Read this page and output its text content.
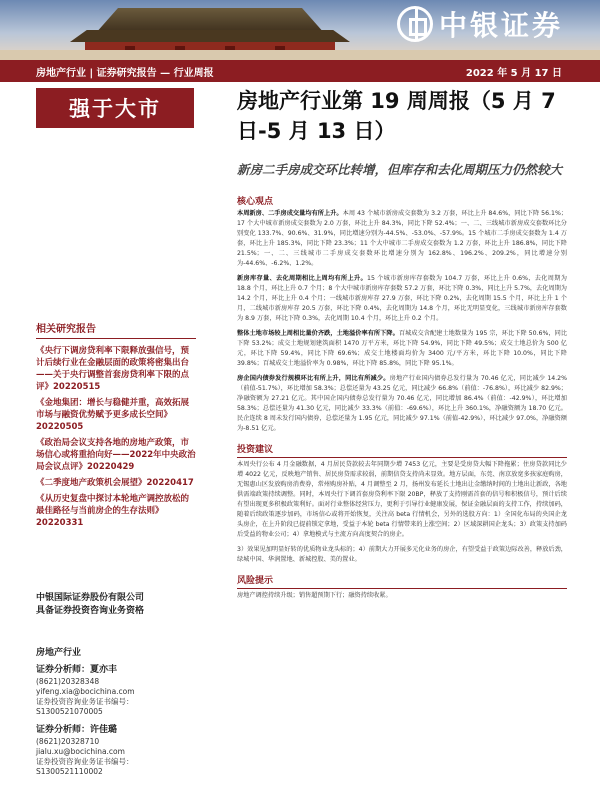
中银证券
房地产行业 | 证券研究报告 — 行业周报	2022 年 5 月 17 日
强于大市	房地产行业第 19 周周报（5 月 7 日-5 月 13 日）
新房二手房成交环比转增，但库存和去化周期压力仍然较大
核心观点
本周新房、二手房成交量均有所上升。本周 43 个城市新房成交套数为 3.2 万套，环比上升 84.6%，同比下降 56.1%；17 个大中城市新房成交套数为 2.0 万套，环比上升 84.3%，同比下降 52.4%；一、二、三线城市新房成交套数环比分别变化 133.7%、90.6%、31.9%，同比增速分别为-44.5%、-53.0%、-57.9%。15 个城市二手房成交套数为 1.4 万套，环比上升 185.3%，同比下降 23.3%；11 个大中城市二手房成交套数为 1.2 万套，环比上升 186.8%，同比下降 21.5%；一、二、三线城市二手房成交套数环比增速分别为 162.8%、196.2%、209.2%，同比增速分别为-44.6%、-6.2%、1.2%。
新房库存量、去化周期相比上周均有所上升。15 个城市新房库存套数为 104.7 万套，环比上升 0.6%，去化周期为 18.8 个月，环比上升 0.7 个月；8 个大中城市新房库存套数 57.2 万套，环比下降 0.3%，同比上升 5.7%，去化周期为 14.2 个月，环比上升 0.4 个月；一线城市新房库存 27.9 万套，环比下降 0.2%，去化周期 15.5 个月，环比上升 1 个月，二线城市新房库存 20.5 万套，环比下降 0.4%，去化周期为 14.8 个月，环比无明显变化，三线城市新房库存套数为 8.9 万套，环比下降 0.3%，去化周期 10.4 个月，环比上升 0.2 个月。
整体土地市场较上周相比量价齐跌，土地溢价率有所下降。百城成交含配建土地数量为 195 宗，环比下降 50.6%，同比下降 53.2%；成交土地规划建筑面积 1470 万平方米，环比下降 54.9%，同比下降 49.5%；成交土地总价为 500 亿元，环比下降 59.4%，同比下降 69.6%；成交土地楼面均价为 3400 元/平方米，环比下降 10.0%，同比下降 39.8%；百城成交土地溢价率为 0.98%，环比下降 85.8%，同比下降 95.1%。
房企国内债券发行规模环比有所上升，同比有所减少。房地产行业国内债券总发行量为 70.46 亿元，同比减少 14.2%（前值-51.7%），环比增加 58.3%；总偿还量为 43.25 亿元，同比减少 66.8%（前值：-76.8%），环比减少 82.9%；净融资额为 27.21 亿元。其中国企国内债券总发行量为 70.46 亿元，同比增加 86.4%（前值：-42.9%），环比增加 58.3%；总偿还量为 41.30 亿元，同比减少 33.3%（前值：-69.6%），环比上升 360.1%，净融资额为 18.70 亿元。民企连续 8 周未发行国内债券，总偿还量为 1.95 亿元，同比减少 97.1%（前值-42.9%），环比减少 97.0%，净融资额为-8.51 亿元。
投资建议
本周央行公布 4 月金融数据，4 月居民贷款较去年同期少增 7453 亿元，主要是受房贷大幅下降拖累；住房贷款同比少增 4022 亿元，反映地产销售、居民房贷需求较弱，前期信贷支持尚未显效。地方层面，东莞、南京放宽多孩家庭购房，无锡惠山区发放购房消费券，常州购房补贴，4 月调整至 2 月，扬州发布延长土地出让金缴纳时间的土地出让新政，各地供需端政策持续调整。同时，本周央行下调首套房贷利率下限 20BP，释放了支持刚需首套的信号和积极信号，预计后续有望出现更多积极政策利好。面对行业整体经营压力，更利于引导行业健康发展，保证金融层面的支持工作，持续加码，随着后续政策逐步加码，市场信心或将开始恢复，关注高 beta 行情机会，另外的选股方向：1）全国化布局的央国企龙头房企，在上升阶段已提前锁定拿地，受益于本轮 beta 行情带来的上涨空间；2）区域深耕国企龙头；3）政策支持加码后受益的物业公司；4）拿地模式与主流方向高度契合的房企。
3）效果见加明显好转的优质物业龙头标的；4）前期大力开展多元化业务的房企，有望受益于政策边际改善，释放后劲，绿城中国、华润置地、新城控股、美的置业。
风险提示
房地产调控持续升级；销售超预期下行；融资持续收紧。
相关研究报告
《央行下调房贷利率下限释放强信号，预计后续行业在金融层面的政策将密集出台——关于央行调整首套房贷利率下限的点评》20220515
《金地集团：增长与稳健并重，高效拓展市场与融资优势赋予更多成长空间》20220505
《政治局会议支持各地的房地产政策，市场信心或将重拾向好——2022年中央政治局会议点评》20220429
《二季度地产政策机会展望》20220417
《从历史复盘中探讨本轮地产调控放松的最佳路径与当前房企的生存法则》20220331
中银国际证券股份有限公司
具备证券投资咨询业务资格
房地产行业
证券分析师：夏亦丰
(8621)20328348
yifeng.xia@bocichina.com
证券投资咨询业务证书编号：S1300521070005
证券分析师：许佳璐
(8621)20328710
jialu.xu@bocichina.com
证券投资咨询业务证书编号：S1300521110002
